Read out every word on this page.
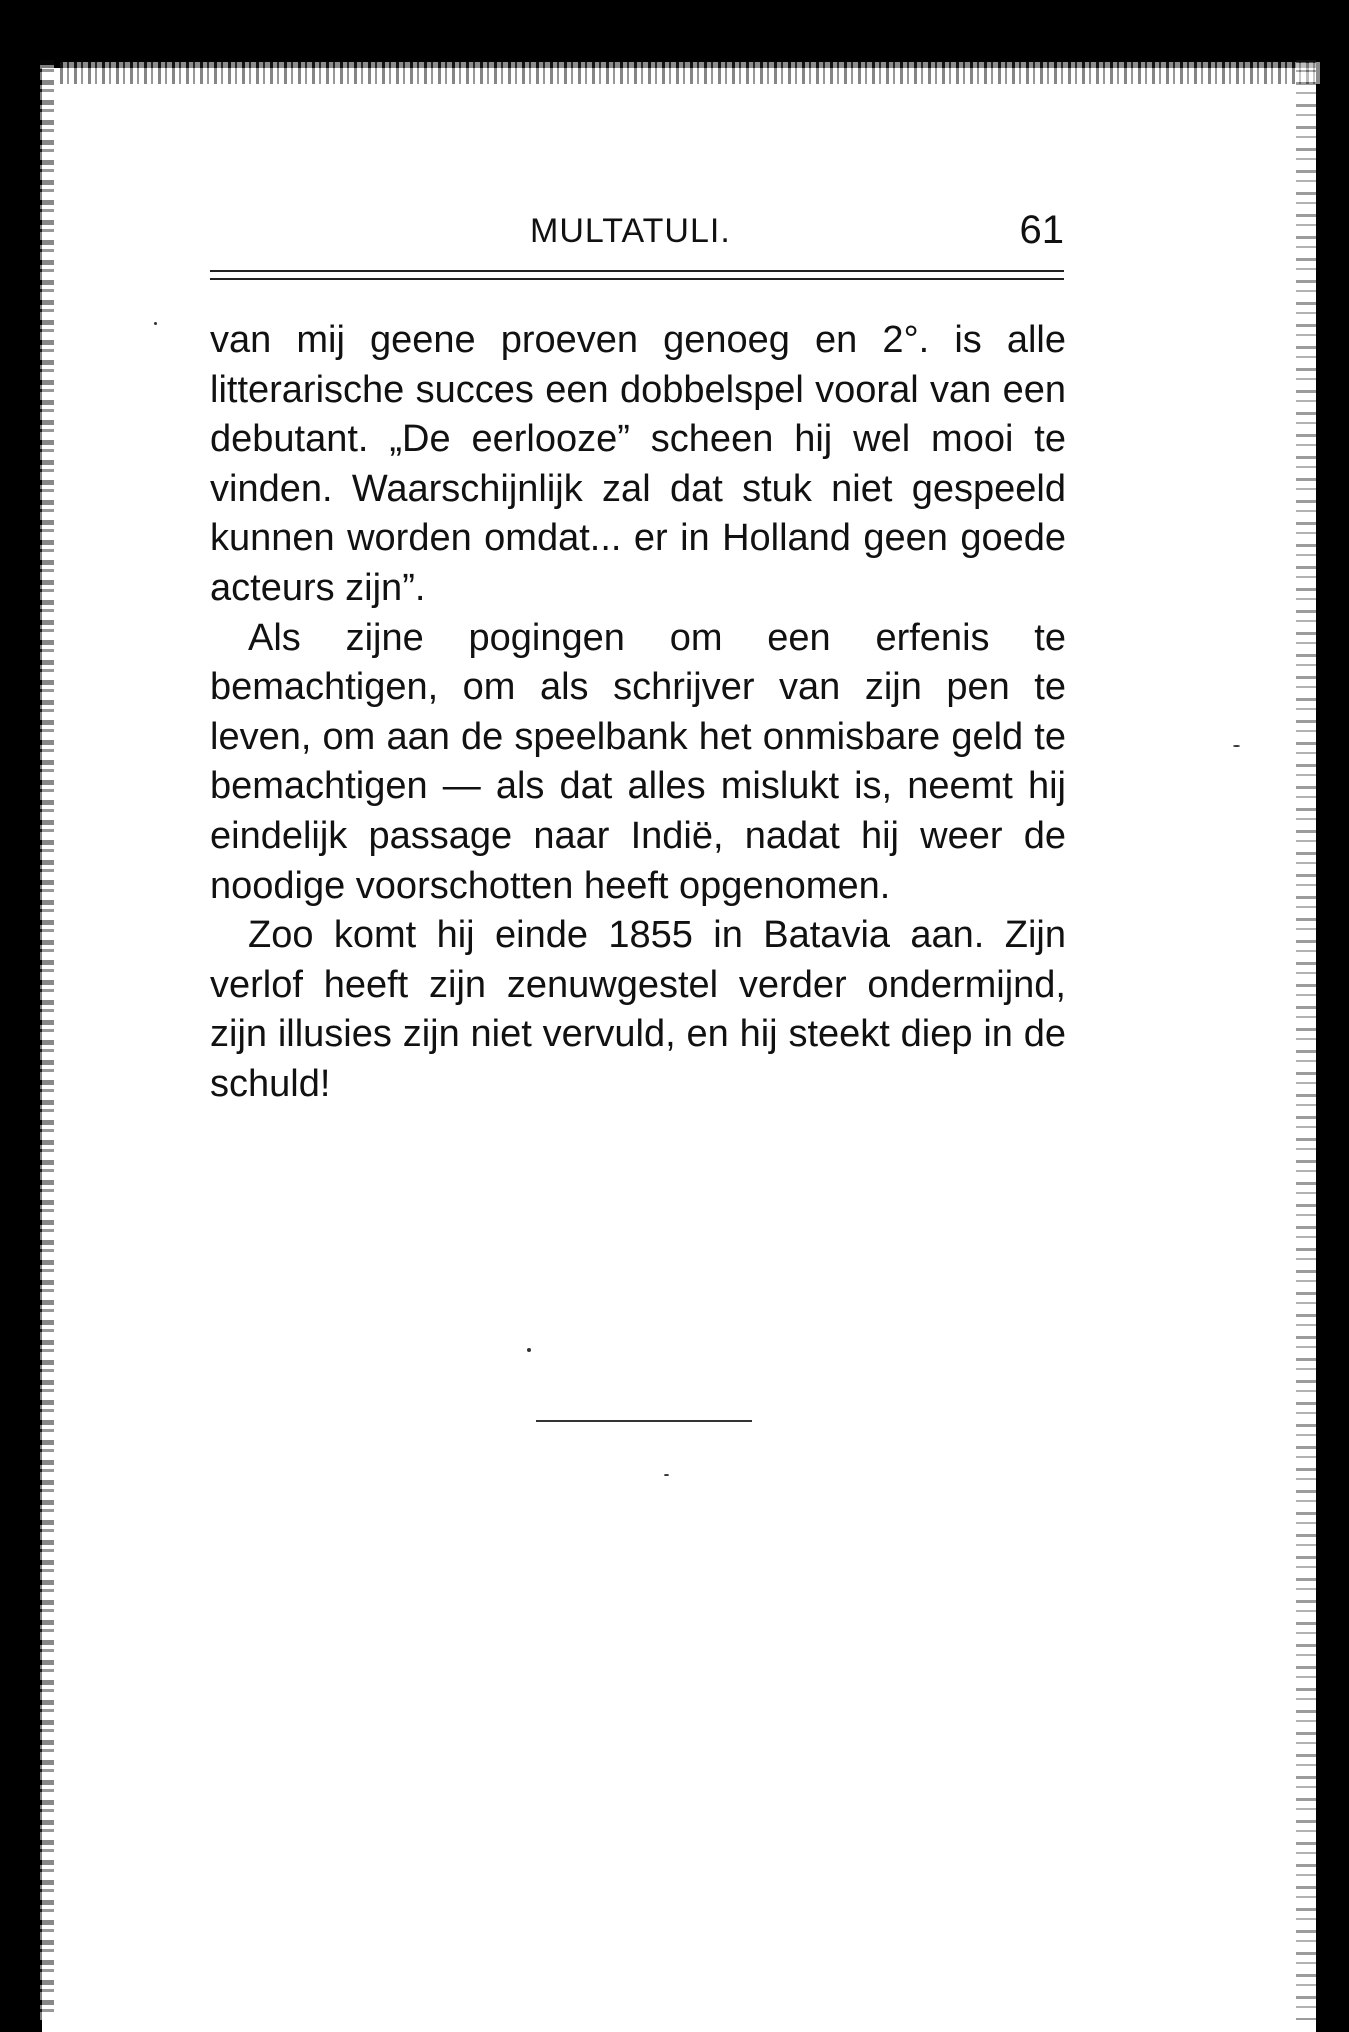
MULTATULI.	61

van mij geene proeven genoeg en 2°. is alle litterarische succes een dobbelspel vooral van een debutant. „De eerlooze” scheen hij wel mooi te vinden. Waarschijnlijk zal dat stuk niet gespeeld kunnen worden omdat... er in Holland geen goede acteurs zijn”.

Als zijne pogingen om een erfenis te bemachtigen, om als schrijver van zijn pen te leven, om aan de speelbank het onmisbare geld te bemachtigen — als dat alles mislukt is, neemt hij eindelijk passage naar Indië, nadat hij weer de noodige voorschotten heeft opgenomen.

Zoo komt hij einde 1855 in Batavia aan. Zijn verlof heeft zijn zenuwgestel verder ondermijnd, zijn illusies zijn niet vervuld, en hij steekt diep in de schuld!
